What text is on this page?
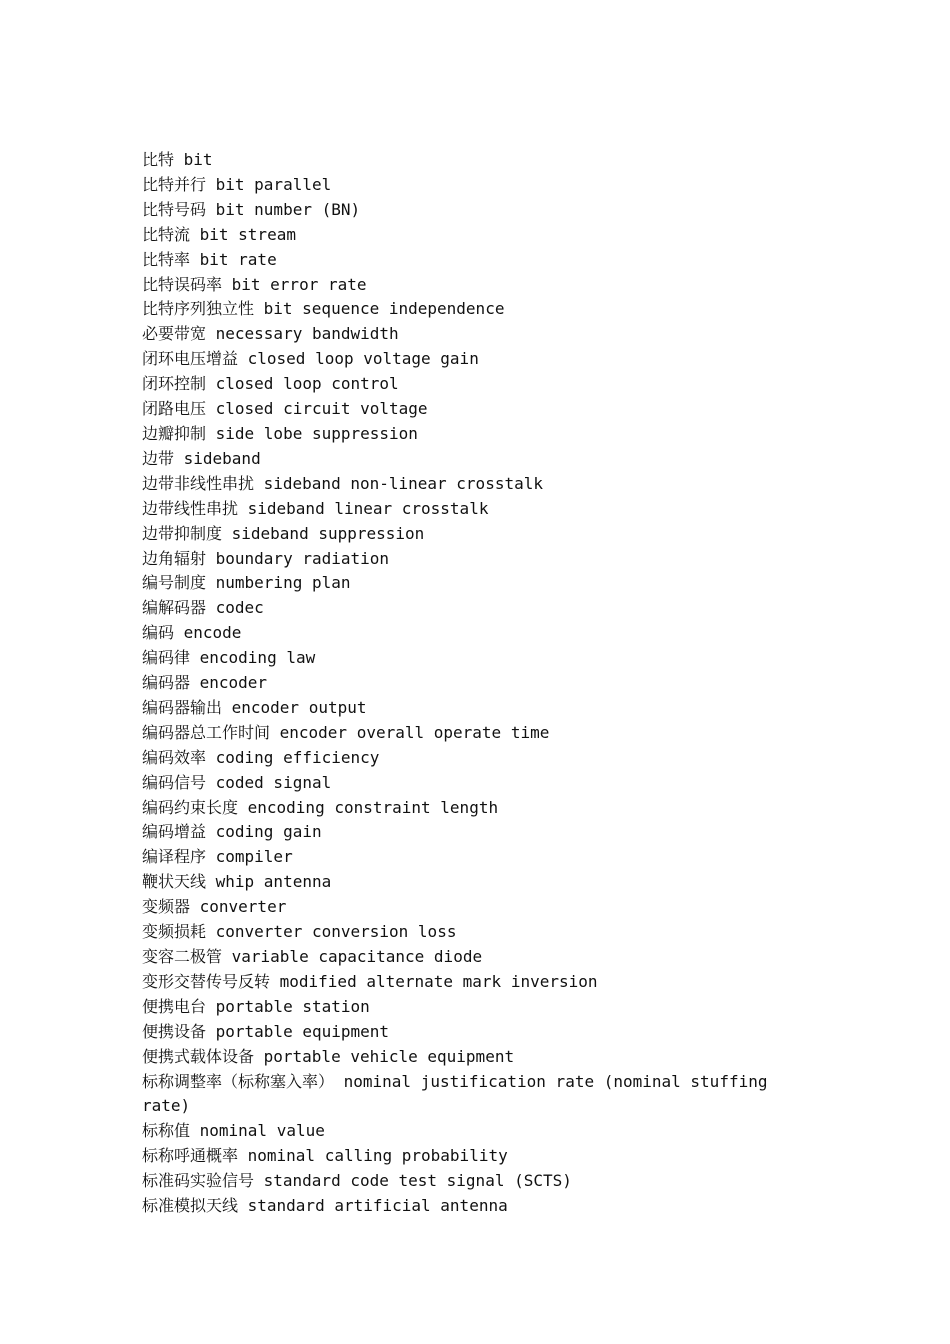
比特 bit
比特并行 bit parallel
比特号码 bit number (BN)
比特流 bit stream
比特率 bit rate
比特误码率 bit error rate
比特序列独立性 bit sequence independence
必要带宽 necessary bandwidth
闭环电压增益 closed loop voltage gain
闭环控制 closed loop control
闭路电压 closed circuit voltage
边瓣抑制 side lobe suppression
边带 sideband
边带非线性串扰 sideband non-linear crosstalk
边带线性串扰 sideband linear crosstalk
边带抑制度 sideband suppression
边角辐射 boundary radiation
编号制度 numbering plan
编解码器 codec
编码 encode
编码律 encoding law
编码器 encoder
编码器输出 encoder output
编码器总工作时间 encoder overall operate time
编码效率 coding efficiency
编码信号 coded signal
编码约束长度 encoding constraint length
编码增益 coding gain
编译程序 compiler
鞭状天线 whip antenna
变频器 converter
变频损耗 converter conversion loss
变容二极管 variable capacitance diode
变形交替传号反转 modified alternate mark inversion
便携电台 portable station
便携设备 portable equipment
便携式载体设备 portable vehicle equipment
标称调整率（标称塞入率） nominal justification rate (nominal stuffing rate)
标称值 nominal value
标称呼通概率 nominal calling probability
标准码实验信号 standard code test signal (SCTS)
标准模拟天线 standard artificial antenna
